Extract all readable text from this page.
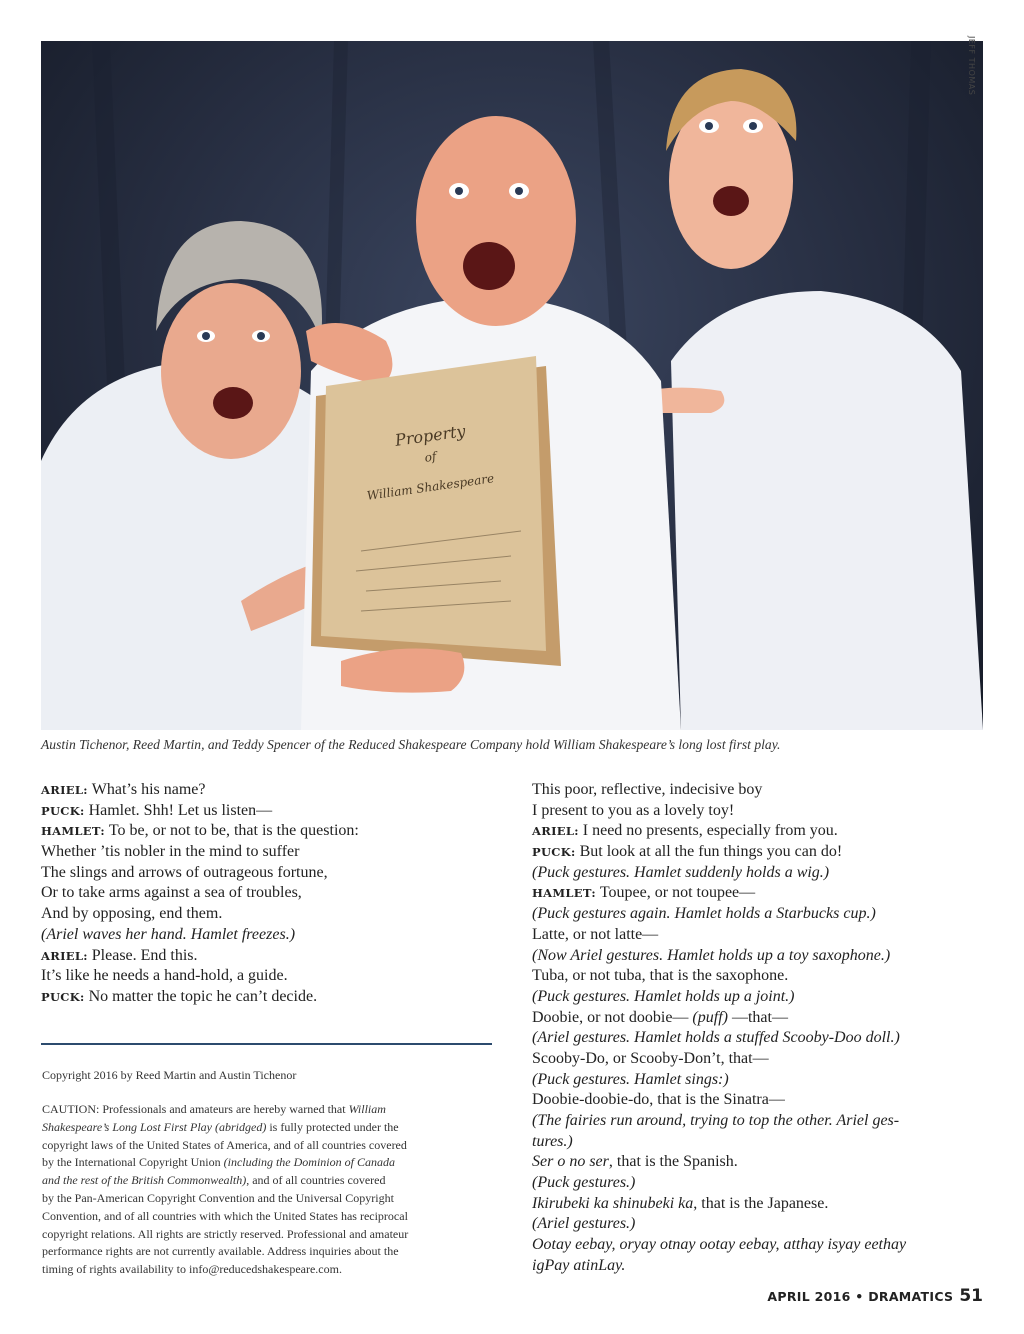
Property
of
William Shakespeare
JEFF THOMAS
Austin Tichenor, Reed Martin, and Teddy Spencer of the Reduced Shakespeare Company hold William Shakespeare’s long lost first play.
ARIEL: What’s his name?
PUCK: Hamlet. Shh! Let us listen—
HAMLET: To be, or not to be, that is the question:
Whether ’tis nobler in the mind to suffer
The slings and arrows of outrageous fortune,
Or to take arms against a sea of troubles,
And by opposing, end them.
(Ariel waves her hand. Hamlet freezes.)
ARIEL: Please. End this.
It’s like he needs a hand-hold, a guide.
PUCK: No matter the topic he can’t decide.
This poor, reflective, indecisive boy
I present to you as a lovely toy!
ARIEL: I need no presents, especially from you.
PUCK: But look at all the fun things you can do!
(Puck gestures. Hamlet suddenly holds a wig.)
HAMLET: Toupee, or not toupee—
(Puck gestures again. Hamlet holds a Starbucks cup.)
Latte, or not latte—
(Now Ariel gestures. Hamlet holds up a toy saxophone.)
Tuba, or not tuba, that is the saxophone.
(Puck gestures. Hamlet holds up a joint.)
Doobie, or not doobie— (puff) —that—
(Ariel gestures. Hamlet holds a stuffed Scooby-Doo doll.)
Scooby-Do, or Scooby-Don’t, that—
(Puck gestures. Hamlet sings:)
Doobie-doobie-do, that is the Sinatra—
(The fairies run around, trying to top the other. Ariel ges-
tures.)
Ser o no ser, that is the Spanish.
(Puck gestures.)
Ikirubeki ka shinubeki ka, that is the Japanese.
(Ariel gestures.)
Ootay eebay, oryay otnay ootay eebay, atthay isyay eethay
igPay atinLay.
Copyright 2016 by Reed Martin and Austin Tichenor
CAUTION: Professionals and amateurs are hereby warned that William
Shakespeare’s Long Lost First Play (abridged) is fully protected under the
copyright laws of the United States of America, and of all countries covered
by the International Copyright Union (including the Dominion of Canada
and the rest of the British Commonwealth), and of all countries covered
by the Pan-American Copyright Convention and the Universal Copyright
Convention, and of all countries with which the United States has reciprocal
copyright relations. All rights are strictly reserved. Professional and amateur
performance rights are not currently available. Address inquiries about the
timing of rights availability to info@reducedshakespeare.com.
APRIL 2016 • DRAMATICS 51
